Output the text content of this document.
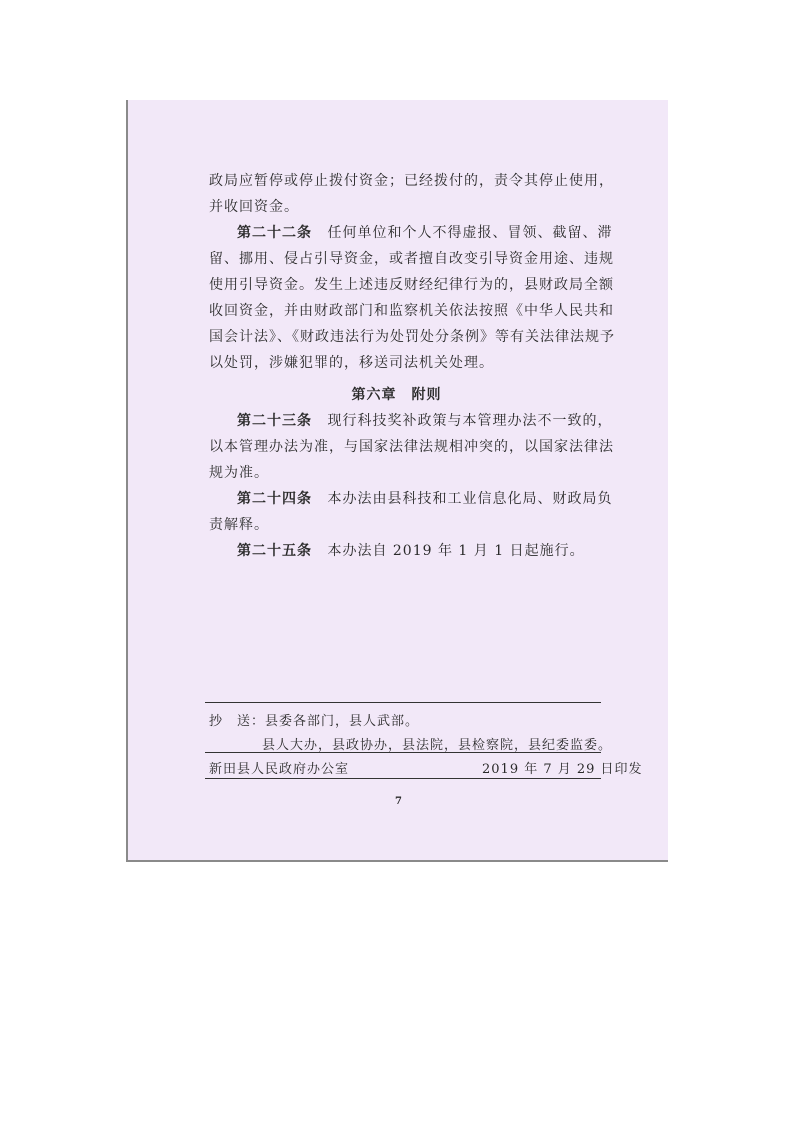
政局应暂停或停止拨付资金；已经拨付的，责令其停止使用，
并收回资金。
第二十二条 任何单位和个人不得虚报、冒领、截留、滞
留、挪用、侵占引导资金，或者擅自改变引导资金用途、违规
使用引导资金。发生上述违反财经纪律行为的，县财政局全额
收回资金，并由财政部门和监察机关依法按照《中华人民共和
国会计法》、《财政违法行为处罚处分条例》等有关法律法规予
以处罚，涉嫌犯罪的，移送司法机关处理。
第六章　附则
第二十三条 现行科技奖补政策与本管理办法不一致的，
以本管理办法为准，与国家法律法规相冲突的，以国家法律法
规为准。
第二十四条 本办法由县科技和工业信息化局、财政局负
责解释。
第二十五条 本办法自 2019 年 1 月 1 日起施行。
抄　送：县委各部门，县人武部。
县人大办，县政协办，县法院，县检察院，县纪委监委。
新田县人民政府办公室	2019 年 7 月 29 日印发
7
